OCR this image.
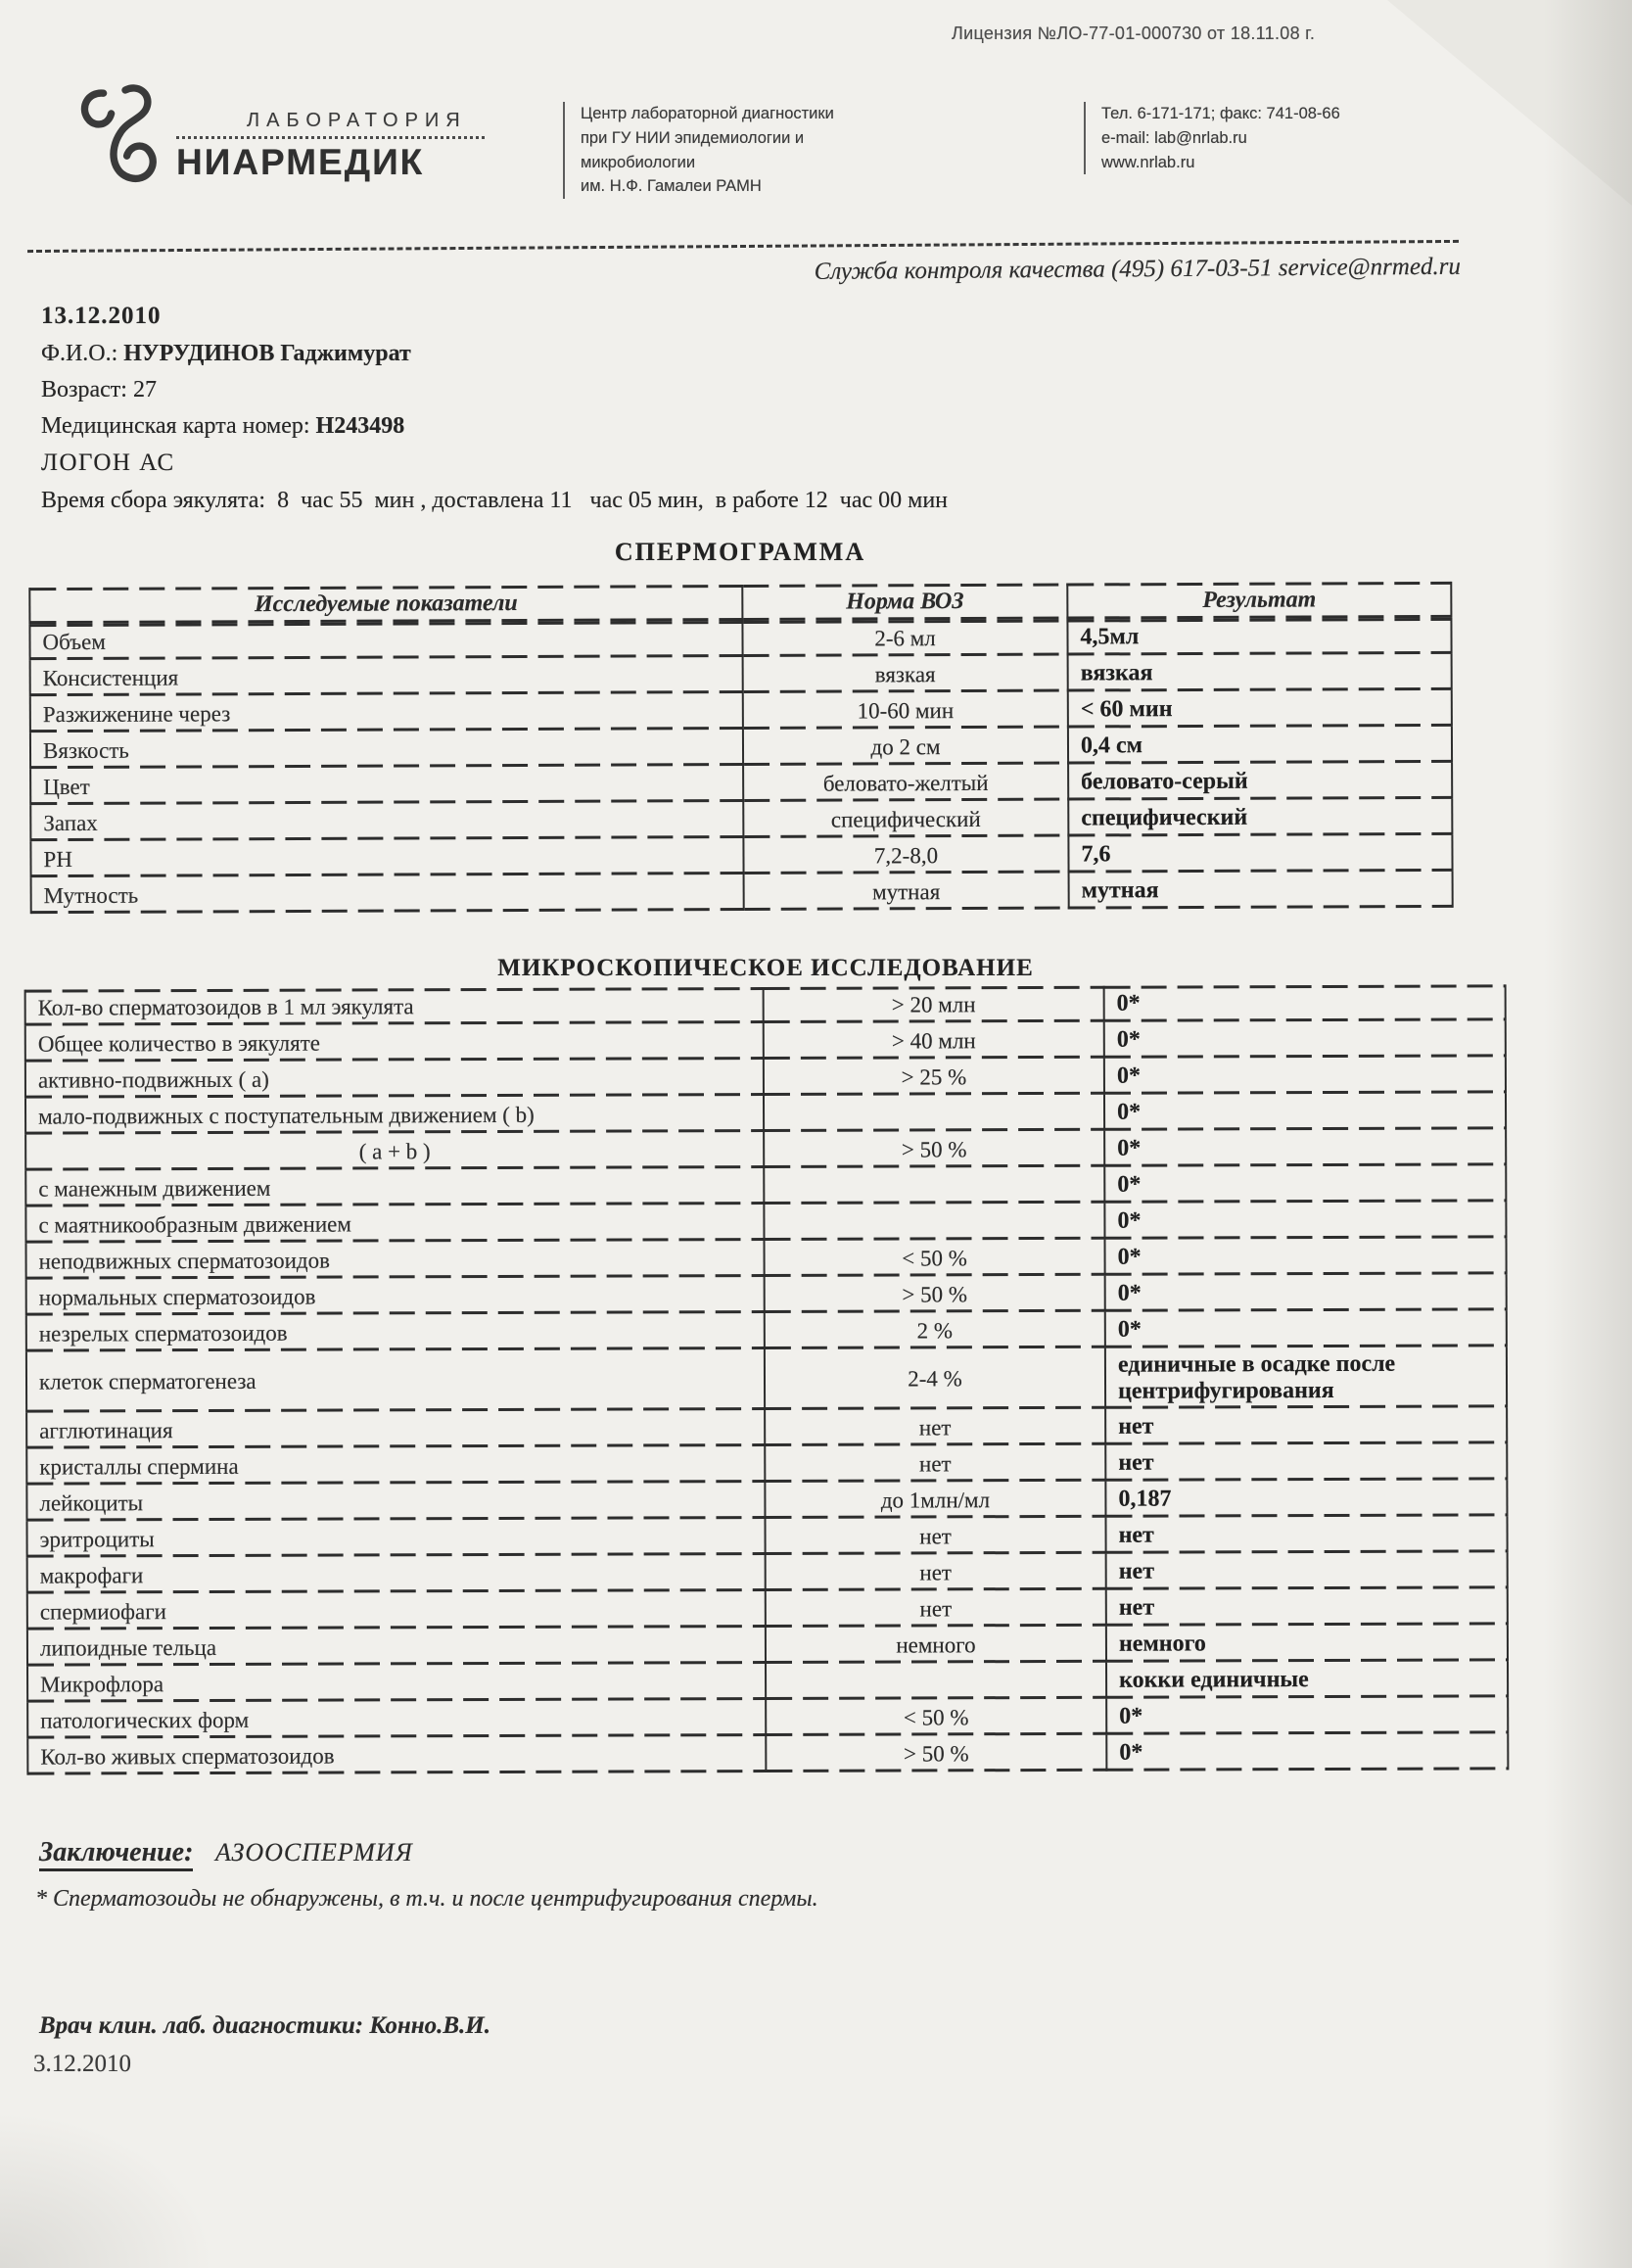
Лицензия №ЛО-77-01-000730 от 18.11.08 г.
ЛАБОРАТОРИЯ
НИАРМЕДИК
Центр лабораторной диагностики
при ГУ НИИ эпидемиологии и микробиологии
им. Н.Ф. Гамалеи РАМН
Тел. 6-171-171; факс: 741-08-66
e-mail: lab@nrlab.ru
www.nrlab.ru
Служба контроля качества (495) 617-03-51 service@nrmed.ru
13.12.2010
Ф.И.О.: НУРУДИНОВ Гаджимурат
Возраст: 27
Медицинская карта номер: Н243498
ЛОГОН АС
Время сбора эякулята:  8  час 55  мин , доставлена 11   час 05 мин,  в работе 12  час 00 мин
СПЕРМОГРАММА
Исследуемые показатели	Норма ВОЗ	Результат
Объем	2-6 мл	4,5мл
Консистенция	вязкая	вязкая
Разжиженине через	10-60 мин	< 60 мин
Вязкость	до 2 см	0,4 см
Цвет	беловато-желтый	беловато-серый
Запах	специфический	специфический
PH	7,2-8,0	7,6
Мутность	мутная	мутная
МИКРОСКОПИЧЕСКОЕ ИССЛЕДОВАНИЕ
Кол-во сперматозоидов в 1 мл эякулята	> 20 млн	0*
Общее количество в эякуляте	> 40 млн	0*
активно-подвижных ( a)	> 25 %	0*
мало-подвижных с поступательным движением ( b)		0*
( a + b )	> 50 %	0*
с манежным движением		0*
с маятникообразным движением		0*
неподвижных сперматозоидов	< 50 %	0*
нормальных сперматозоидов	> 50 %	0*
незрелых сперматозоидов	2 %	0*
клеток сперматогенеза	2-4 %	единичные в осадке после центрифугирования
агглютинация	нет	нет
кристаллы спермина	нет	нет
лейкоциты	до 1млн/мл	0,187
эритроциты	нет	нет
макрофаги	нет	нет
спермиофаги	нет	нет
липоидные тельца	немного	немного
Микрофлора		кокки единичные
патологических форм	< 50 %	0*
Кол-во живых сперматозоидов	> 50 %	0*
Заключение: АЗООСПЕРМИЯ
* Сперматозоиды не обнаружены, в т.ч. и после центрифугирования спермы.
Врач клин. лаб. диагностики: Конно.В.И.
3.12.2010
